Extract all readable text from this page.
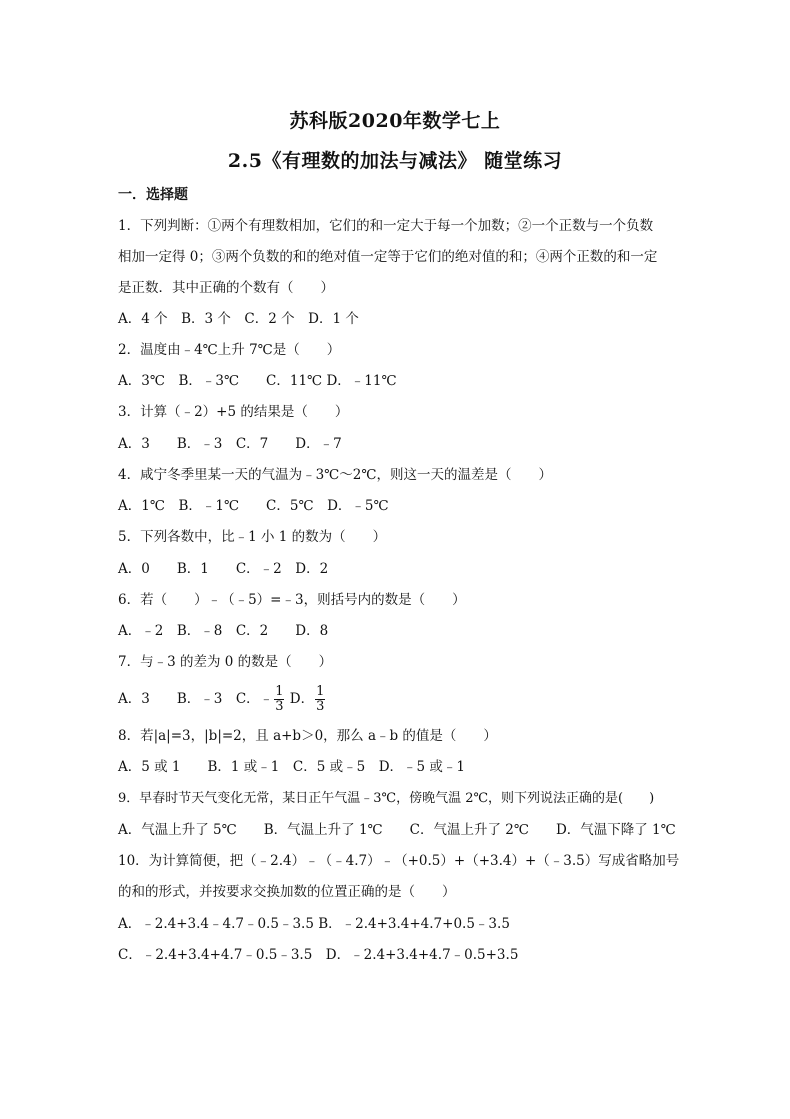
苏科版2020年数学七上
2.5《有理数的加法与减法》 随堂练习
一．选择题
1．下列判断：①两个有理数相加，它们的和一定大于每一个加数；②一个正数与一个负数
相加一定得 0；③两个负数的和的绝对值一定等于它们的绝对值的和；④两个正数的和一定
是正数．其中正确的个数有（　　）
A．4 个　B．3 个　C．2 个　D．1 个
2．温度由﹣4℃上升 7℃是（　　）
A．3℃　B．﹣3℃　　C．11℃ D．﹣11℃
3．计算（﹣2）+5 的结果是（　　）
A．3　　B．﹣3　C．7　　D．﹣7
4．咸宁冬季里某一天的气温为﹣3℃～2℃，则这一天的温差是（　　）
A．1℃　B．﹣1℃　　C．5℃　D．﹣5℃
5．下列各数中，比﹣1 小 1 的数为（　　）
A．0　　B．1　　C．﹣2　D．2
6．若（　　）﹣（﹣5）=﹣3，则括号内的数是（　　）
A．﹣2　B．﹣8　C．2　　D．8
7．与﹣3 的差为 0 的数是（　　）
A．3　　B．﹣3　C．﹣ $\frac{1}{3}$ D． $\frac{1}{3}$
8．若|a|=3，|b|=2，且 a+b＞0，那么 a﹣b 的值是（　　）
A．5 或 1　　B．1 或﹣1　C．5 或﹣5　D．﹣5 或﹣1
9．早春时节天气变化无常，某日正午气温﹣3℃，傍晚气温 2℃，则下列说法正确的是(　　)
A．气温上升了 5℃　　B．气温上升了 1℃　　C．气温上升了 2℃　　D．气温下降了 1℃
10．为计算简便，把（﹣2.4）﹣（﹣4.7）﹣（+0.5）+（+3.4）+（﹣3.5）写成省略加号
的和的形式，并按要求交换加数的位置正确的是（　　）
A．﹣2.4+3.4﹣4.7﹣0.5﹣3.5 B．﹣2.4+3.4+4.7+0.5﹣3.5
C．﹣2.4+3.4+4.7﹣0.5﹣3.5　D．﹣2.4+3.4+4.7﹣0.5+3.5
